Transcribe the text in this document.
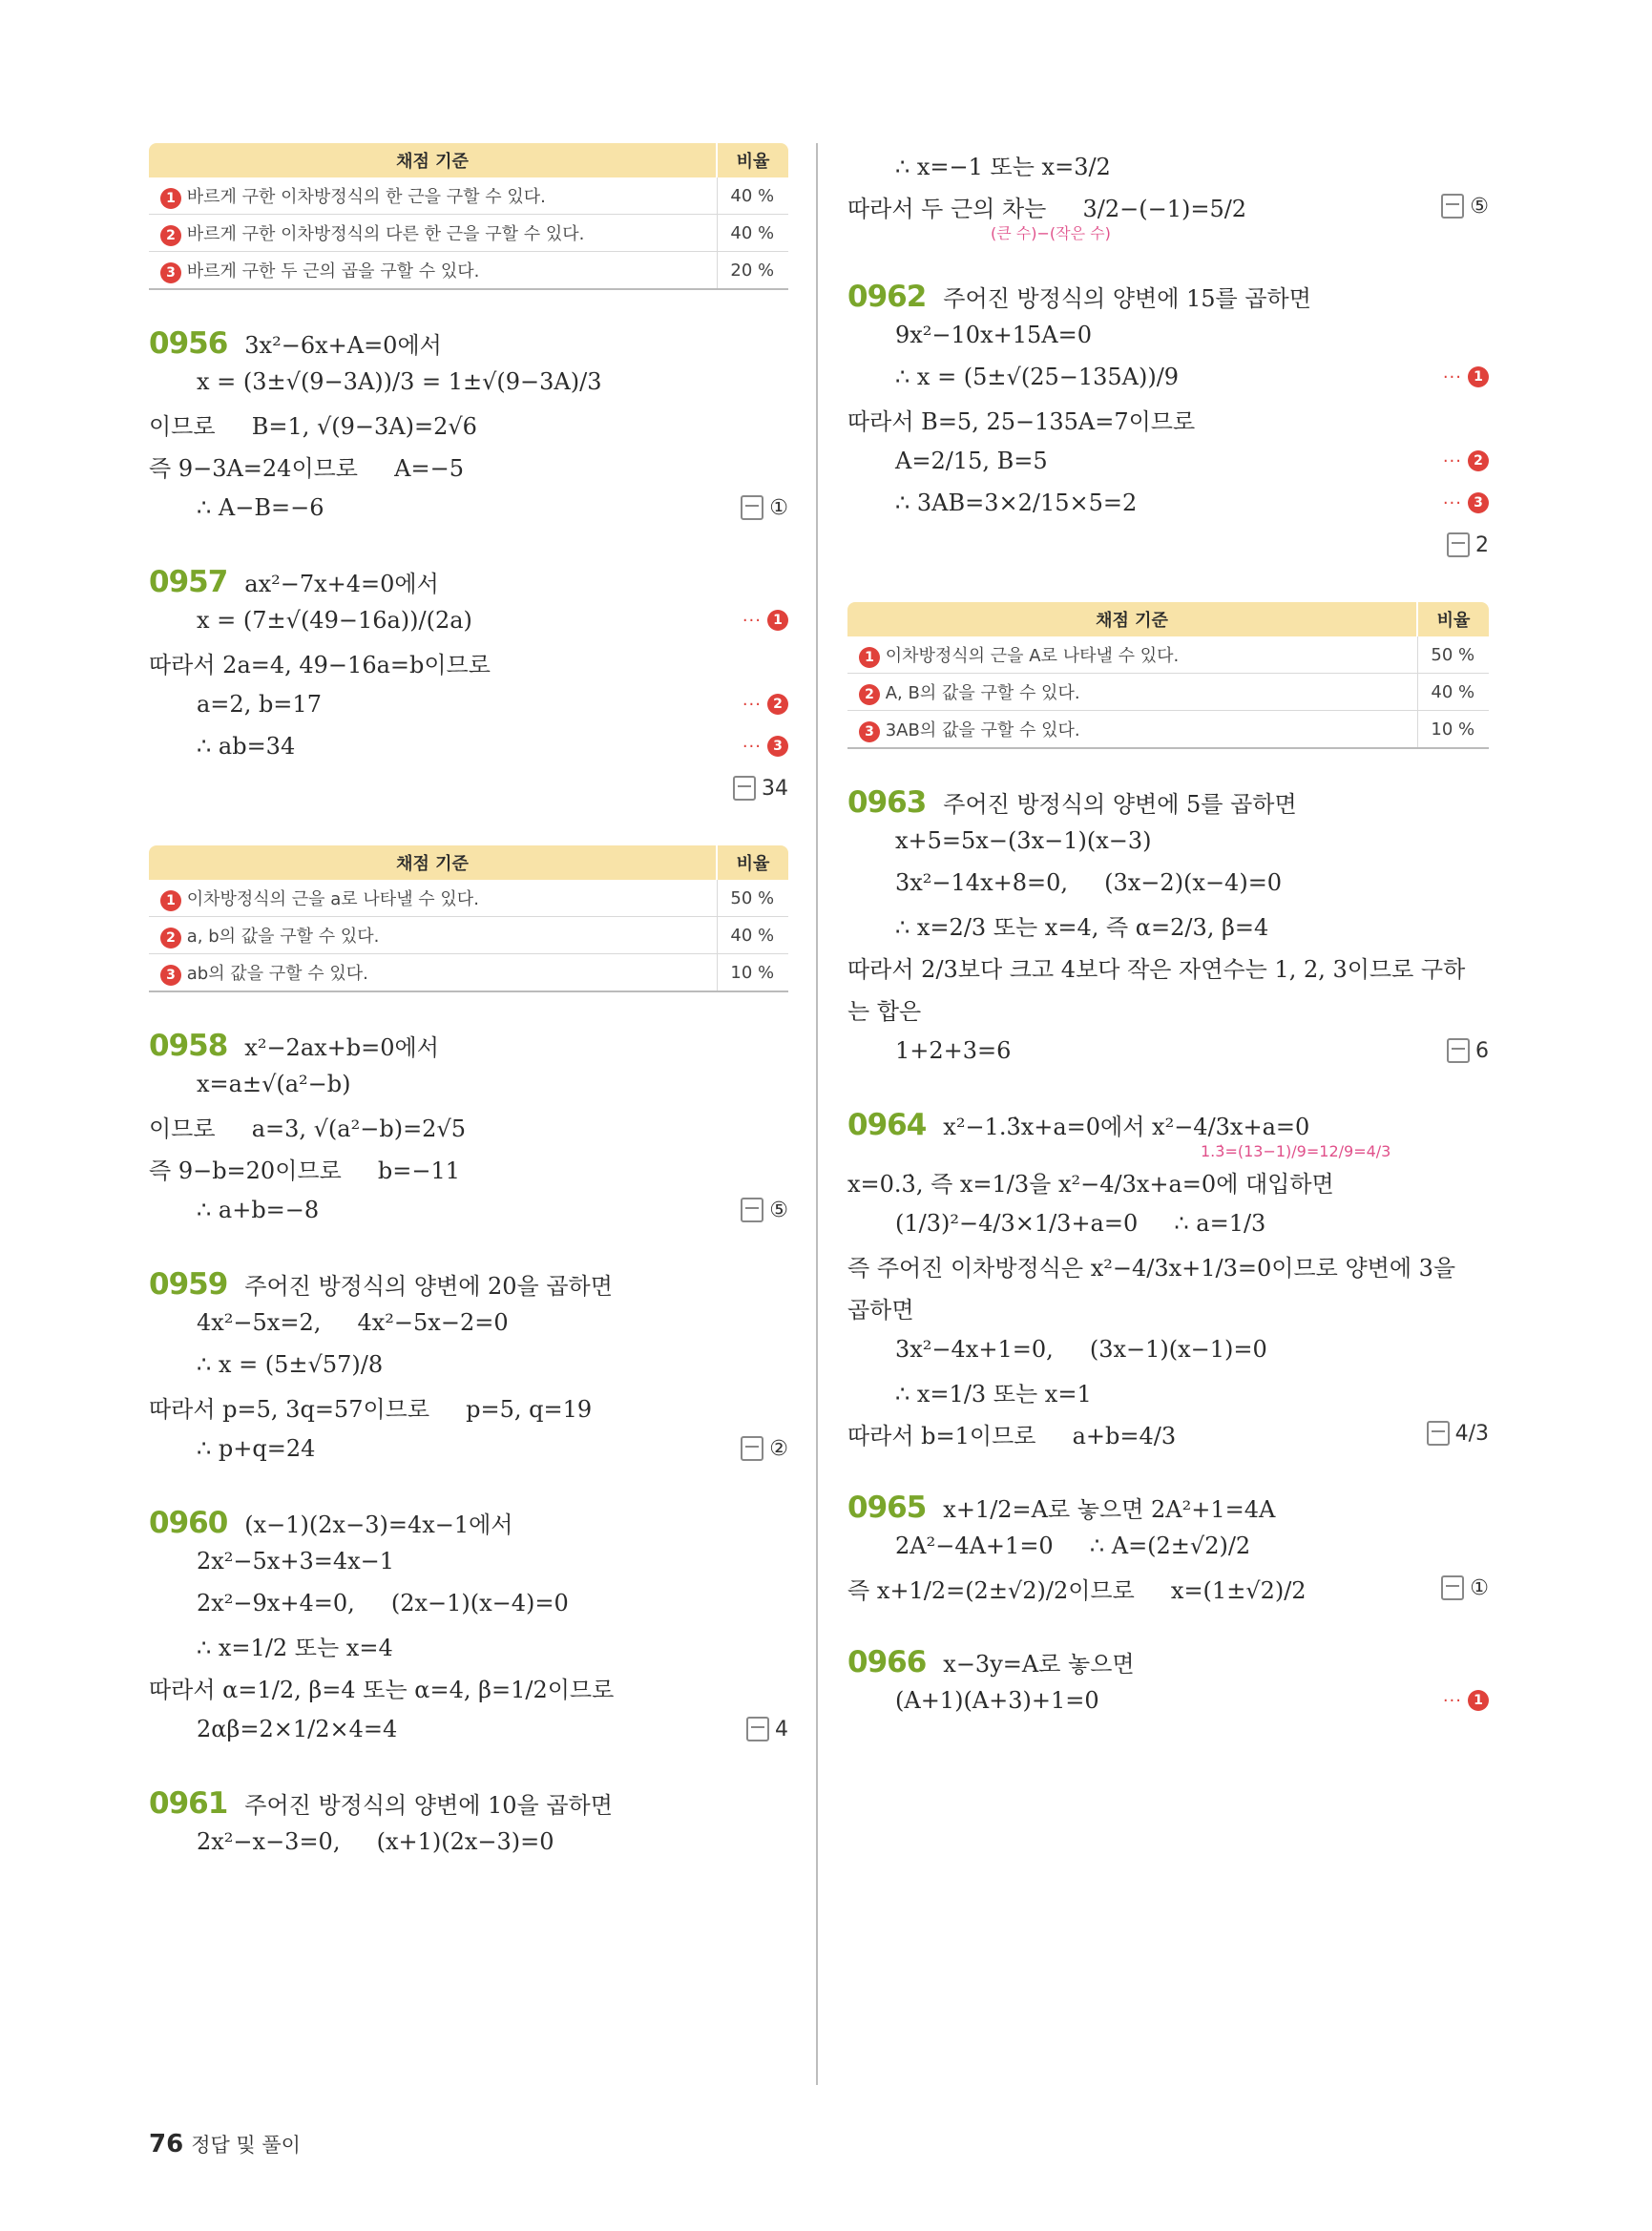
채점 기준	비율
1 바르게 구한 이차방정식의 한 근을 구할 수 있다.	40 %
2 바르게 구한 이차방정식의 다른 한 근을 구할 수 있다.	40 %
3 바르게 구한 두 근의 곱을 구할 수 있다.	20 %
0956 3x²−6x+A=0에서
x = (3±√(9−3A))/3 = 1±√(9−3A)/3
이므로     B=1, √(9−3A)=2√6
즉 9−3A=24이므로     A=−5
∴ A−B=−6	①
0957 ax²−7x+4=0에서
x = (7±√(49−16a))/(2a)	··· 1
따라서 2a=4, 49−16a=b이므로
a=2, b=17	··· 2
∴ ab=34	··· 3
34
채점 기준	비율
1 이차방정식의 근을 a로 나타낼 수 있다.	50 %
2 a, b의 값을 구할 수 있다.	40 %
3 ab의 값을 구할 수 있다.	10 %
0958 x²−2ax+b=0에서
x=a±√(a²−b)
이므로     a=3, √(a²−b)=2√5
즉 9−b=20이므로     b=−11
∴ a+b=−8	⑤
0959 주어진 방정식의 양변에 20을 곱하면
4x²−5x=2,     4x²−5x−2=0
∴ x = (5±√57)/8
따라서 p=5, 3q=57이므로     p=5, q=19
∴ p+q=24	②
0960 (x−1)(2x−3)=4x−1에서
2x²−5x+3=4x−1
2x²−9x+4=0,     (2x−1)(x−4)=0
∴ x=1/2 또는 x=4
따라서 α=1/2, β=4 또는 α=4, β=1/2이므로
2αβ=2×1/2×4=4	4
0961 주어진 방정식의 양변에 10을 곱하면
2x²−x−3=0,     (x+1)(2x−3)=0
∴ x=−1 또는 x=3/2
따라서 두 근의 차는     3/2−(−1)=5/2	⑤
(큰 수)−(작은 수)
0962 주어진 방정식의 양변에 15를 곱하면
9x²−10x+15A=0
∴ x = (5±√(25−135A))/9	··· 1
따라서 B=5, 25−135A=7이므로
A=2/15, B=5	··· 2
∴ 3AB=3×2/15×5=2	··· 3
2
채점 기준	비율
1 이차방정식의 근을 A로 나타낼 수 있다.	50 %
2 A, B의 값을 구할 수 있다.	40 %
3 3AB의 값을 구할 수 있다.	10 %
0963 주어진 방정식의 양변에 5를 곱하면
x+5=5x−(3x−1)(x−3)
3x²−14x+8=0,     (3x−2)(x−4)=0
∴ x=2/3 또는 x=4, 즉 α=2/3, β=4
따라서 2/3보다 크고 4보다 작은 자연수는 1, 2, 3이므로 구하
는 합은
1+2+3=6	6
0964 x²−1.3̇x+a=0에서 x²−4/3x+a=0
1.3̇=(13−1)/9=12/9=4/3
x=0.3̇, 즉 x=1/3을 x²−4/3x+a=0에 대입하면
(1/3)²−4/3×1/3+a=0     ∴ a=1/3
즉 주어진 이차방정식은 x²−4/3x+1/3=0이므로 양변에 3을
곱하면
3x²−4x+1=0,     (3x−1)(x−1)=0
∴ x=1/3 또는 x=1
따라서 b=1이므로     a+b=4/3	4/3
0965 x+1/2=A로 놓으면 2A²+1=4A
2A²−4A+1=0     ∴ A=(2±√2)/2
즉 x+1/2=(2±√2)/2이므로     x=(1±√2)/2	①
0966 x−3y=A로 놓으면
(A+1)(A+3)+1=0	··· 1
76 정답 및 풀이
